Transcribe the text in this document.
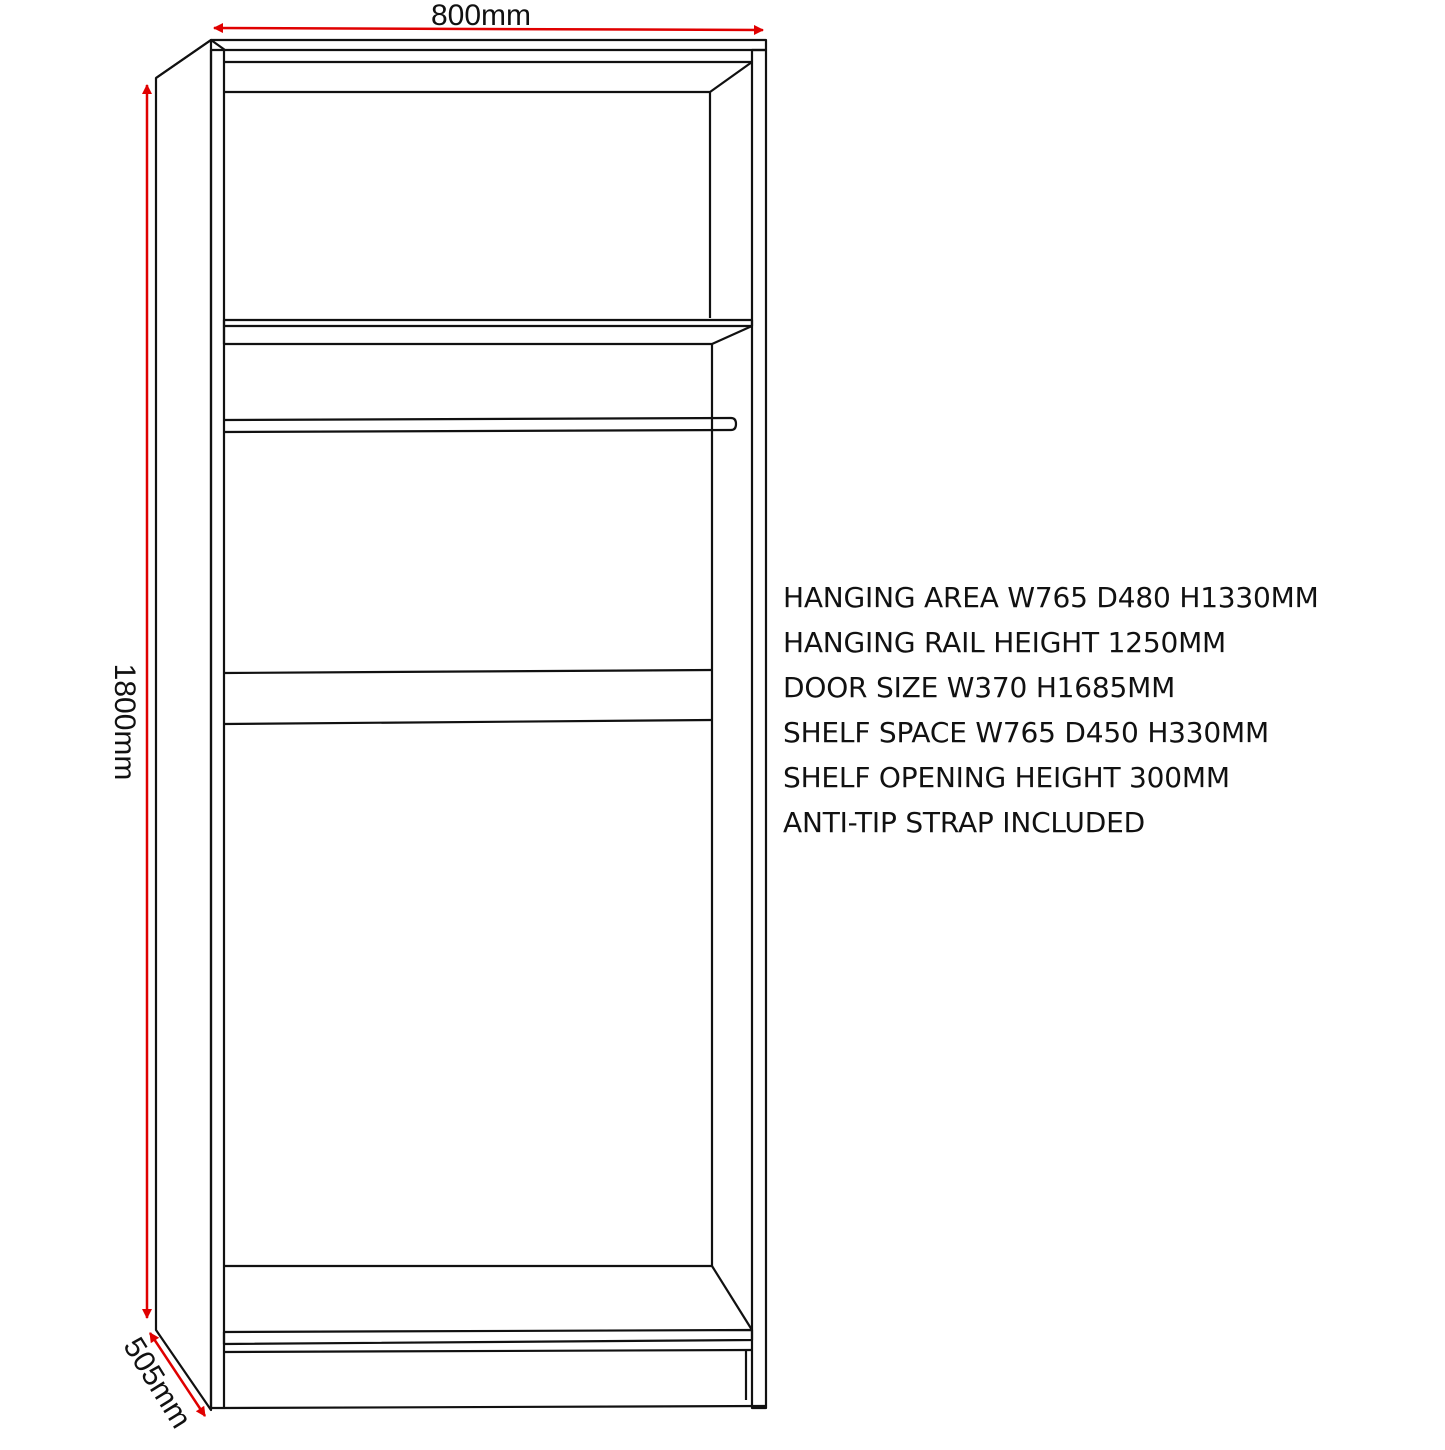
800mm
1800mm
505mm
HANGING AREA W765 D480 H1330MM
HANGING RAIL HEIGHT 1250MM
DOOR SIZE W370 H1685MM
SHELF SPACE W765 D450 H330MM
SHELF OPENING HEIGHT 300MM
ANTI-TIP STRAP INCLUDED
